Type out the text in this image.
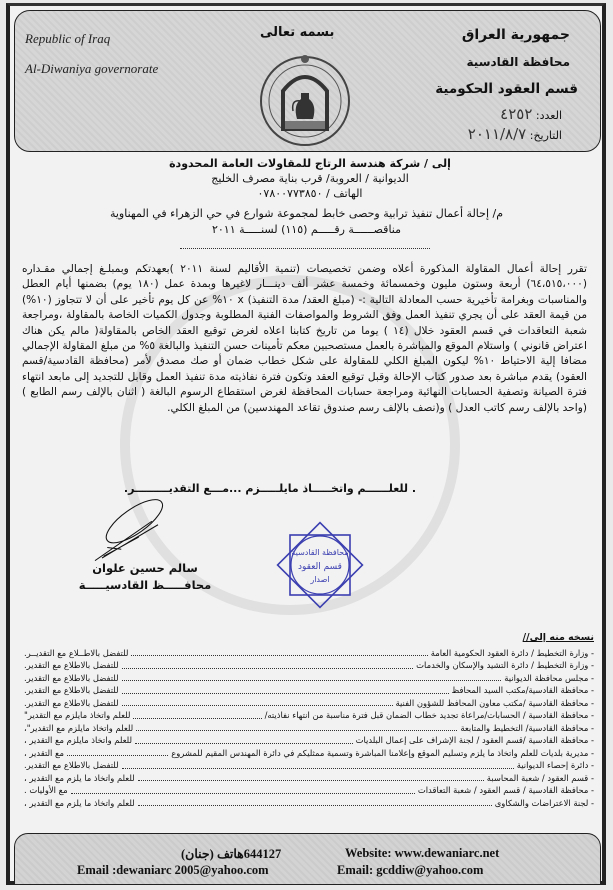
Republic of Iraq
Al-Diwaniya governorate
بسمه تعالى	جمهورية العراق
محافظة القادسية
قسم العقود الحكومية
العدد: ٤٢٥٢
التاريخ: ٢٠١١/٨/٧
إلى / شركة هندسة الرتاج للمقاولات العامة المحدودة
الديوانية / العروبة/ قرب بناية مصرف الخليج
الهاتف / ٠٧٨٠٠٧٧٣٨٥٠
م/ إحالة أعمال تنفيذ ترابية وحصى خابط لمجموعة شوارع في حي الزهراء في المهناوية
مناقصــــــة رقـــــم (١١٥) لسنـــــة ٢٠١١

تقرر إحالة أعمال المقاولة المذكورة أعلاه وضمن تخصيصات (تنمية الأقاليم لسنة ٢٠١١ )بعهدتكم وبمبلـغ إجمالي مقـداره (٦٤،٥١٥،٠٠٠) أربعة وستون مليون وخمسمائة وخمسة عشر ألف دينـــار لاغيرها وبمدة عمل (١٨٠ يوم) بضمنها أيام العطل والمناسبات وبغرامة تأخيرية حسب المعادلة التالية :- (مبلغ العقد/ مدة التنفيذ) x ١٠% عن كل يوم تأخير على أن لا تتجاوز (١٠%) من قيمة العقد على أن يجري تنفيذ العمل وفق الشروط والمواصفات الفنية المطلوبة وجدول الكميات الخاصة بالمقاولة ،ومراجعة شعبة التعاقدات في قسم العقود خلال (١٤ ) يوما من تاريخ كتابنا اعلاه لغرض توقيع العقد الخاص بالمقاولة( مالم يكن هناك اعتراض قانوني ) واستلام الموقع والمباشرة بالعمل مستصحبين معكم تأمينات حسن التنفيذ والبالغة ٥% من مبلغ المقاولة الإجمالي مضافا إلية الاحتياط ١٠% ليكون المبلغ الكلي للمقاولة على شكل خطاب ضمان أو صك مصدق لأمر (محافظة القادسية/قسم العقود) يقدم مباشرة بعد صدور كتاب الإحالة وقبل توقيع العقد وتكون فترة نفاذيته مدة تنفيذ العمل وقابل للتجديد إلى مابعد انتهاء فترة الصيانة وتصفية الحسابات النهائية ومراجعة حسابات المحافظة لغرض استقطاع الرسوم البالغة ( اثنان بالإلف رسم الطابع ) (واحد بالإلف رسم كاتب العدل ) و(نصف بالإلف رسم صندوق تقاعد المهندسين) من المبلغ الكلي.

. للعلــــــم واتخـــــاذ مايلـــــزم ...مـــع التقديـــــــــر.
سالم حسين علوان
محافـــــظ القادسيـــــة
محافظة القادسية
قسم العقود
اصدار
نسخه منه إلى//
- وزارة التخطيط / دائرة العقود الحكومية العامة
للتفضل بالاطــلاع مع التقديــر.
- وزارة التخطيط / دائرة التشيد والإسكان والخدمات
للتفضل بالاطلاع مع التقدير.
- مجلس محافظة الديوانية
للتفضل بالاطلاع مع التقدير.
- محافظة القادسية/مكتب السيد المحافظ
للتفضل بالاطلاع مع التقدير.
- محافظة القادسية /مكتب معاون المحافظ للشؤون الفنية
للتفضل بالاطلاع مع التقدير.
- محافظة القادسية / الحسابات/مراعاة تجديد خطاب الضمان قبل فترة مناسبة من انتهاء نفاذيته/
للعلم واتخاذ مايلزم مع التقدير"
- محافظة القادسية/ التخطيط والمتابعة
للعلم واتخاذ مايلزم مع التقدير"،
- محافظة القادسية /قسم العقود / لجنة الإشراف على إعمال البلديات
للعلم واتخاذ مايلزم مع التقدير ،
- مديرية بلديات للعلم واتخاذ ما يلزم وتسليم الموقع وإعلامنا المباشرة وتسمية ممثليكم في دائرة المهندس المقيم للمشروع
مع التقدير ،
- دائرة إحصاء الديوانية
للتفضل بالاطلاع مع التقدير.
- قسم العقود / شعبة المحاسبة
للعلم واتخاذ ما يلزم مع التقدير ،
- محافظة القادسية / قسم العقود / شعبة التعاقدات
مع الأوليات .
- لجنة الاعتراضات والشكاوى
للعلم واتخاذ ما يلزم مع التقدير ،
644127هاتف (جنان)	Website: www.dewaniarc.net
Email :dewaniarc 2005@yahoo.com	Email: gcddiw@yahoo.com
